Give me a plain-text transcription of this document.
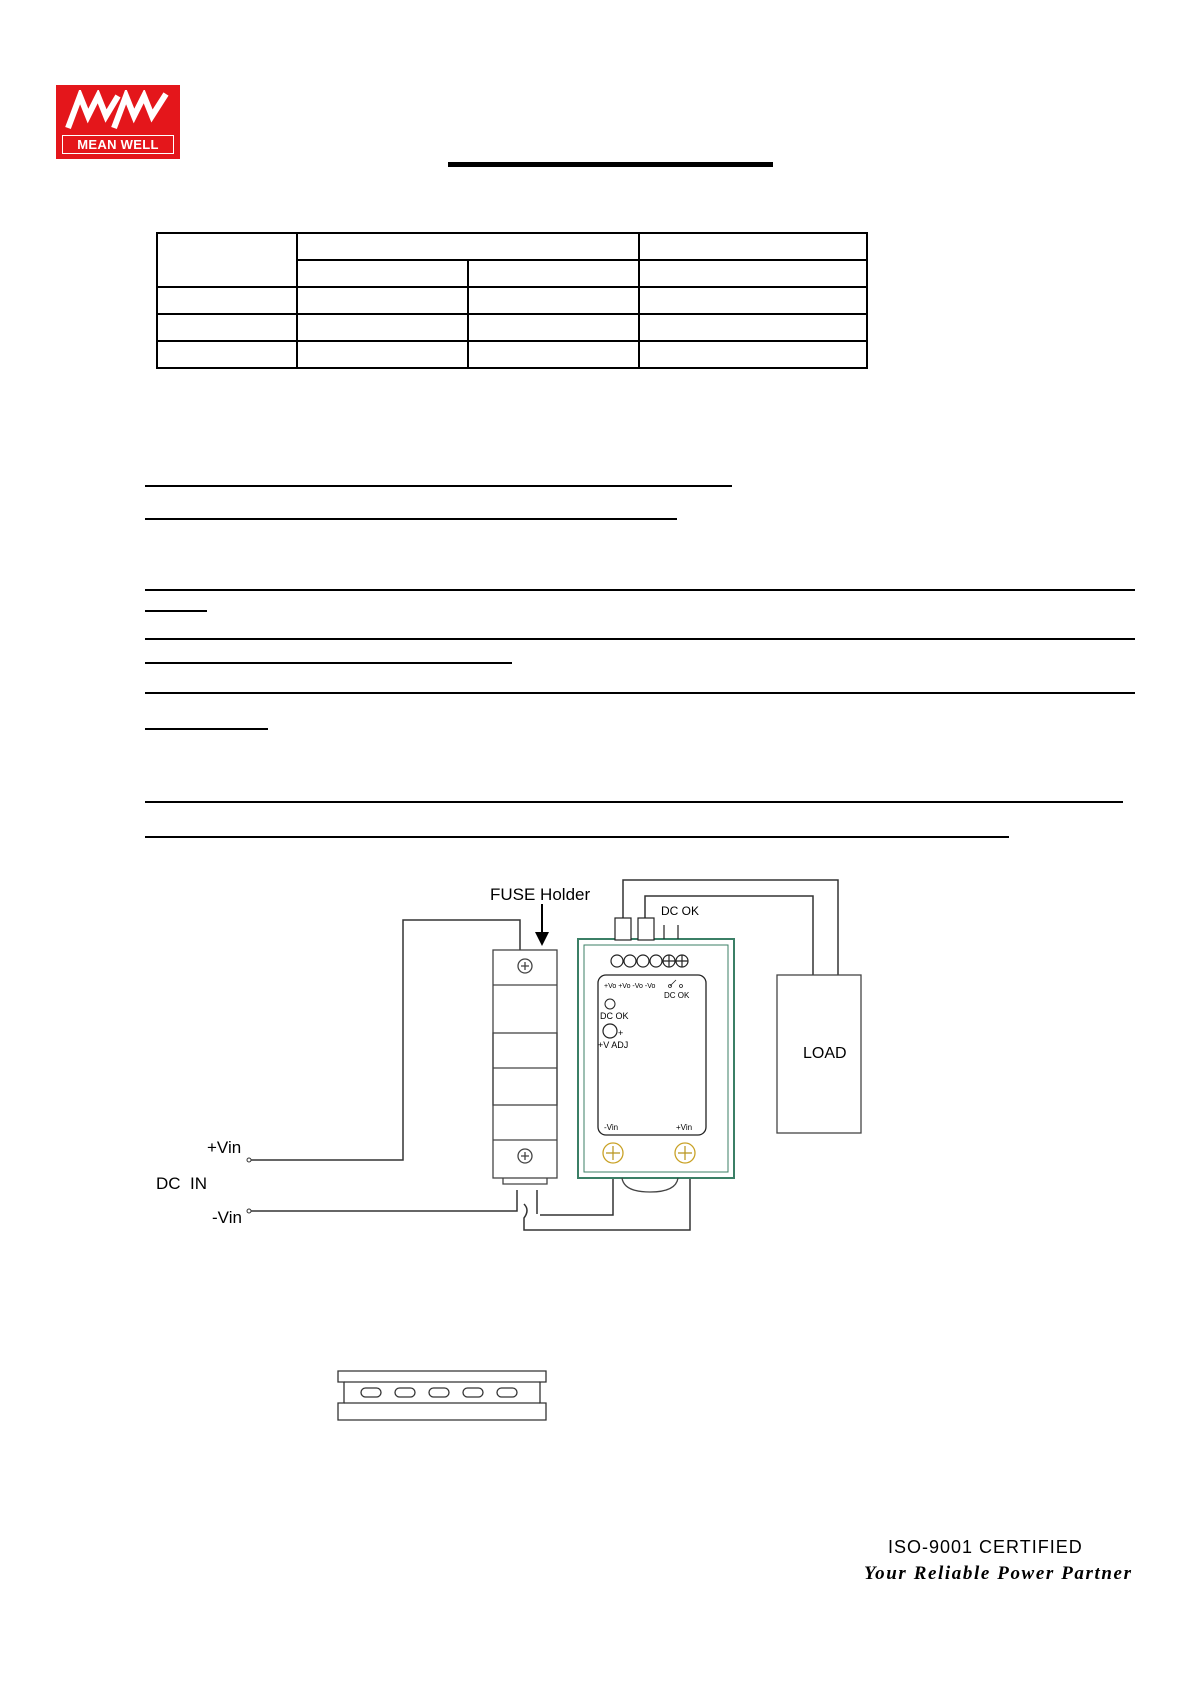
MEAN WELL

FUSE Holder
DC OK
+Vo +Vo -Vo -Vo
DC OK
DC OK
+
+V ADJ
-Vin	+Vin
LOAD
+Vin
DC  IN
-Vin
ISO-9001 CERTIFIED
Your Reliable Power Partner
